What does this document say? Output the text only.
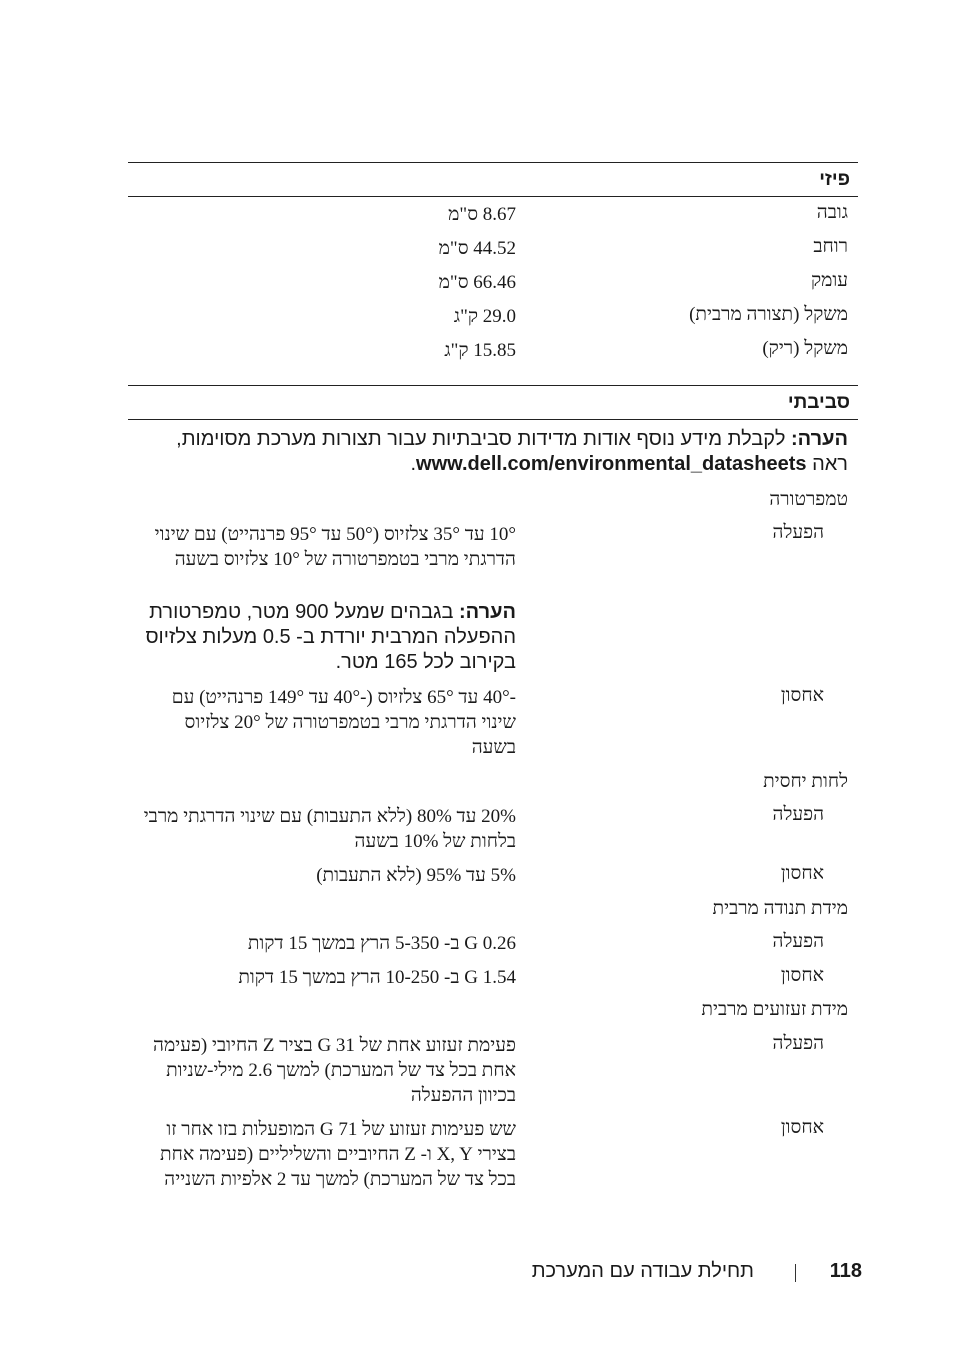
פיזי
גובה
8.67 ס"מ
רוחב
44.52 ס"מ
עומק
66.46 ס"מ
משקל (תצורה מרבית)
29.0 ק"ג
משקל (ריק)
15.85 ק"ג
סביבתי
הערה: לקבלת מידע נוסף אודות מדידות סביבתיות עבור תצורות מערכת מסוימות, ראה www.dell.com/environmental_datasheets.
טמפרטורה
הפעלה
10° עד 35° צלזיוס (50° עד 95° פרנהייט) עם שינוי הדרגתי מרבי בטמפרטורה של 10° צלזיוס בשעה
הערה: בגבהים שמעל 900 מטר, טמפרטורת ההפעלה המרבית יורדת ב- 0.5 מעלות צלזיוס בקירוב לכל 165 מטר.
אחסון
-40° עד 65° צלזיוס (-40° עד 149° פרנהייט) עם שינוי הדרגתי מרבי בטמפרטורה של 20° צלזיוס בשעה
לחות יחסית
הפעלה
20% עד 80% (ללא התעבות) עם שינוי הדרגתי מרבי בלחות של 10% בשעה
אחסון
5% עד 95% (ללא התעבות)
מידת תנודה מרבית
הפעלה
0.26 G ב- 5-350 הרץ במשך 15 דקות
אחסון
1.54 G ב- 10-250 הרץ במשך 15 דקות
מידת זעזועים מרבית
הפעלה
פעימת זעזוע אחת של 31 G בציר Z החיובי (פעימה אחת בכל צד של המערכת) למשך 2.6 מילי-שניות בכיוון ההפעלה
אחסון
שש פעימות זעזוע של 71 G המופעלות בזו אחר זו בצירי X, Y ו- Z החיוביים והשליליים (פעימה אחת בכל צד של המערכת) למשך עד 2 אלפיות השנייה
118
תחילת עבודה עם המערכת
